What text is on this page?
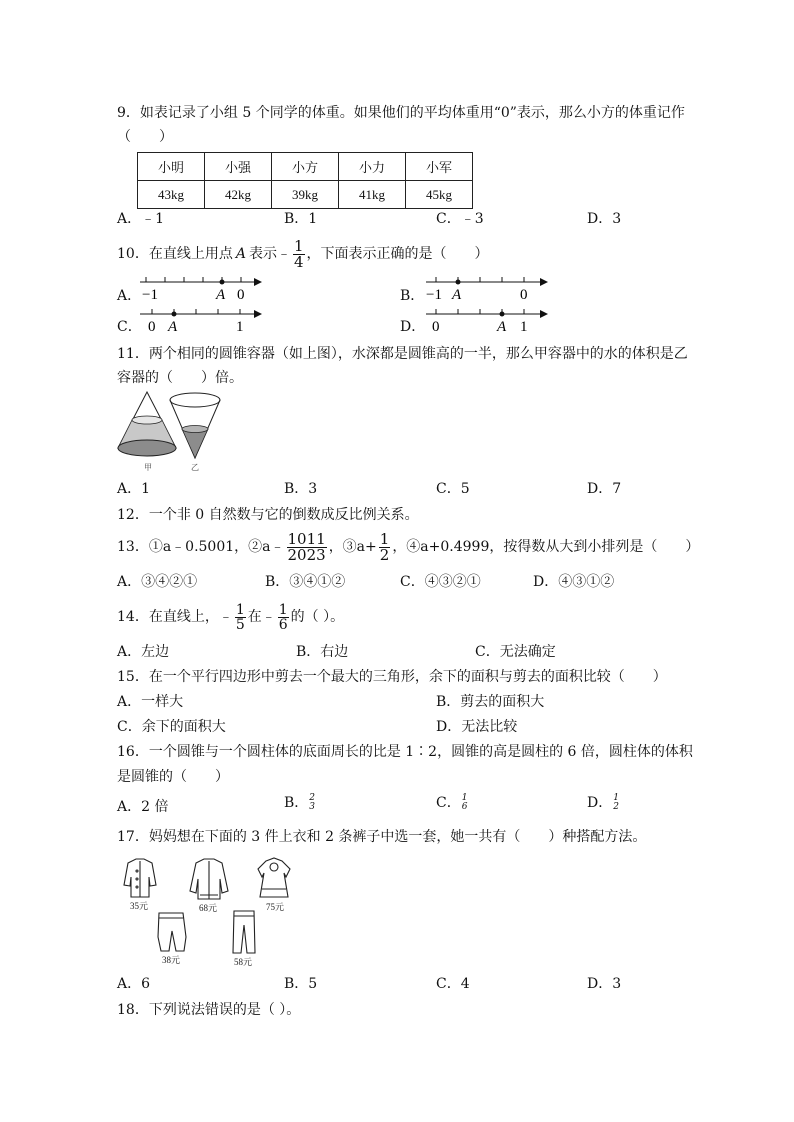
9．如表记录了小组 5 个同学的体重。如果他们的平均体重用“0”表示，那么小方的体重记作
（　　）
小明	小强	小方	小力	小军
43kg	42kg	39kg	41kg	45kg
A．﹣1	B．1	C．﹣3	D．3
10．在直线上用点 A 表示﹣ $\frac{1}{4}$ ，下面表示正确的是（　　）
A． −1	A 0	B． −1 A	0
C． 0 A	1	D． 0	A 1
11．两个相同的圆锥容器（如上图），水深都是圆锥高的一半，那么甲容器中的水的体积是乙
容器的（　　）倍。
甲	乙
A．1	B．3	C．5	D．7
12．一个非 0 自然数与它的倒数成反比例关系。
13．①a﹣0.5001，②a﹣ $\frac{1011}{2023}$ ，③a+ $\frac{1}{2}$ ，④a+0.4999，按得数从大到小排列是（　　）
A．③④②①	B．③④①②	C．④③②①	D．④③①②
14．在直线上，﹣ $\frac{1}{5}$ 在﹣ $\frac{1}{6}$ 的（ ）。
A．左边	B．右边	C．无法确定
15．在一个平行四边形中剪去一个最大的三角形，余下的面积与剪去的面积比较（　　）
A．一样大	B．剪去的面积大
C．余下的面积大	D．无法比较
16．一个圆锥与一个圆柱体的底面周长的比是 1∶2，圆锥的高是圆柱的 6 倍，圆柱体的体积
是圆锥的（　　）
A．2 倍	B． 2
3	C． 1
6	D． 1
2
17．妈妈想在下面的 3 件上衣和 2 条裤子中选一套，她一共有（　　）种搭配方法。
35元	68元	75元
38元	58元
A．6	B．5	C．4	D．3
18．下列说法错误的是（ ）。
